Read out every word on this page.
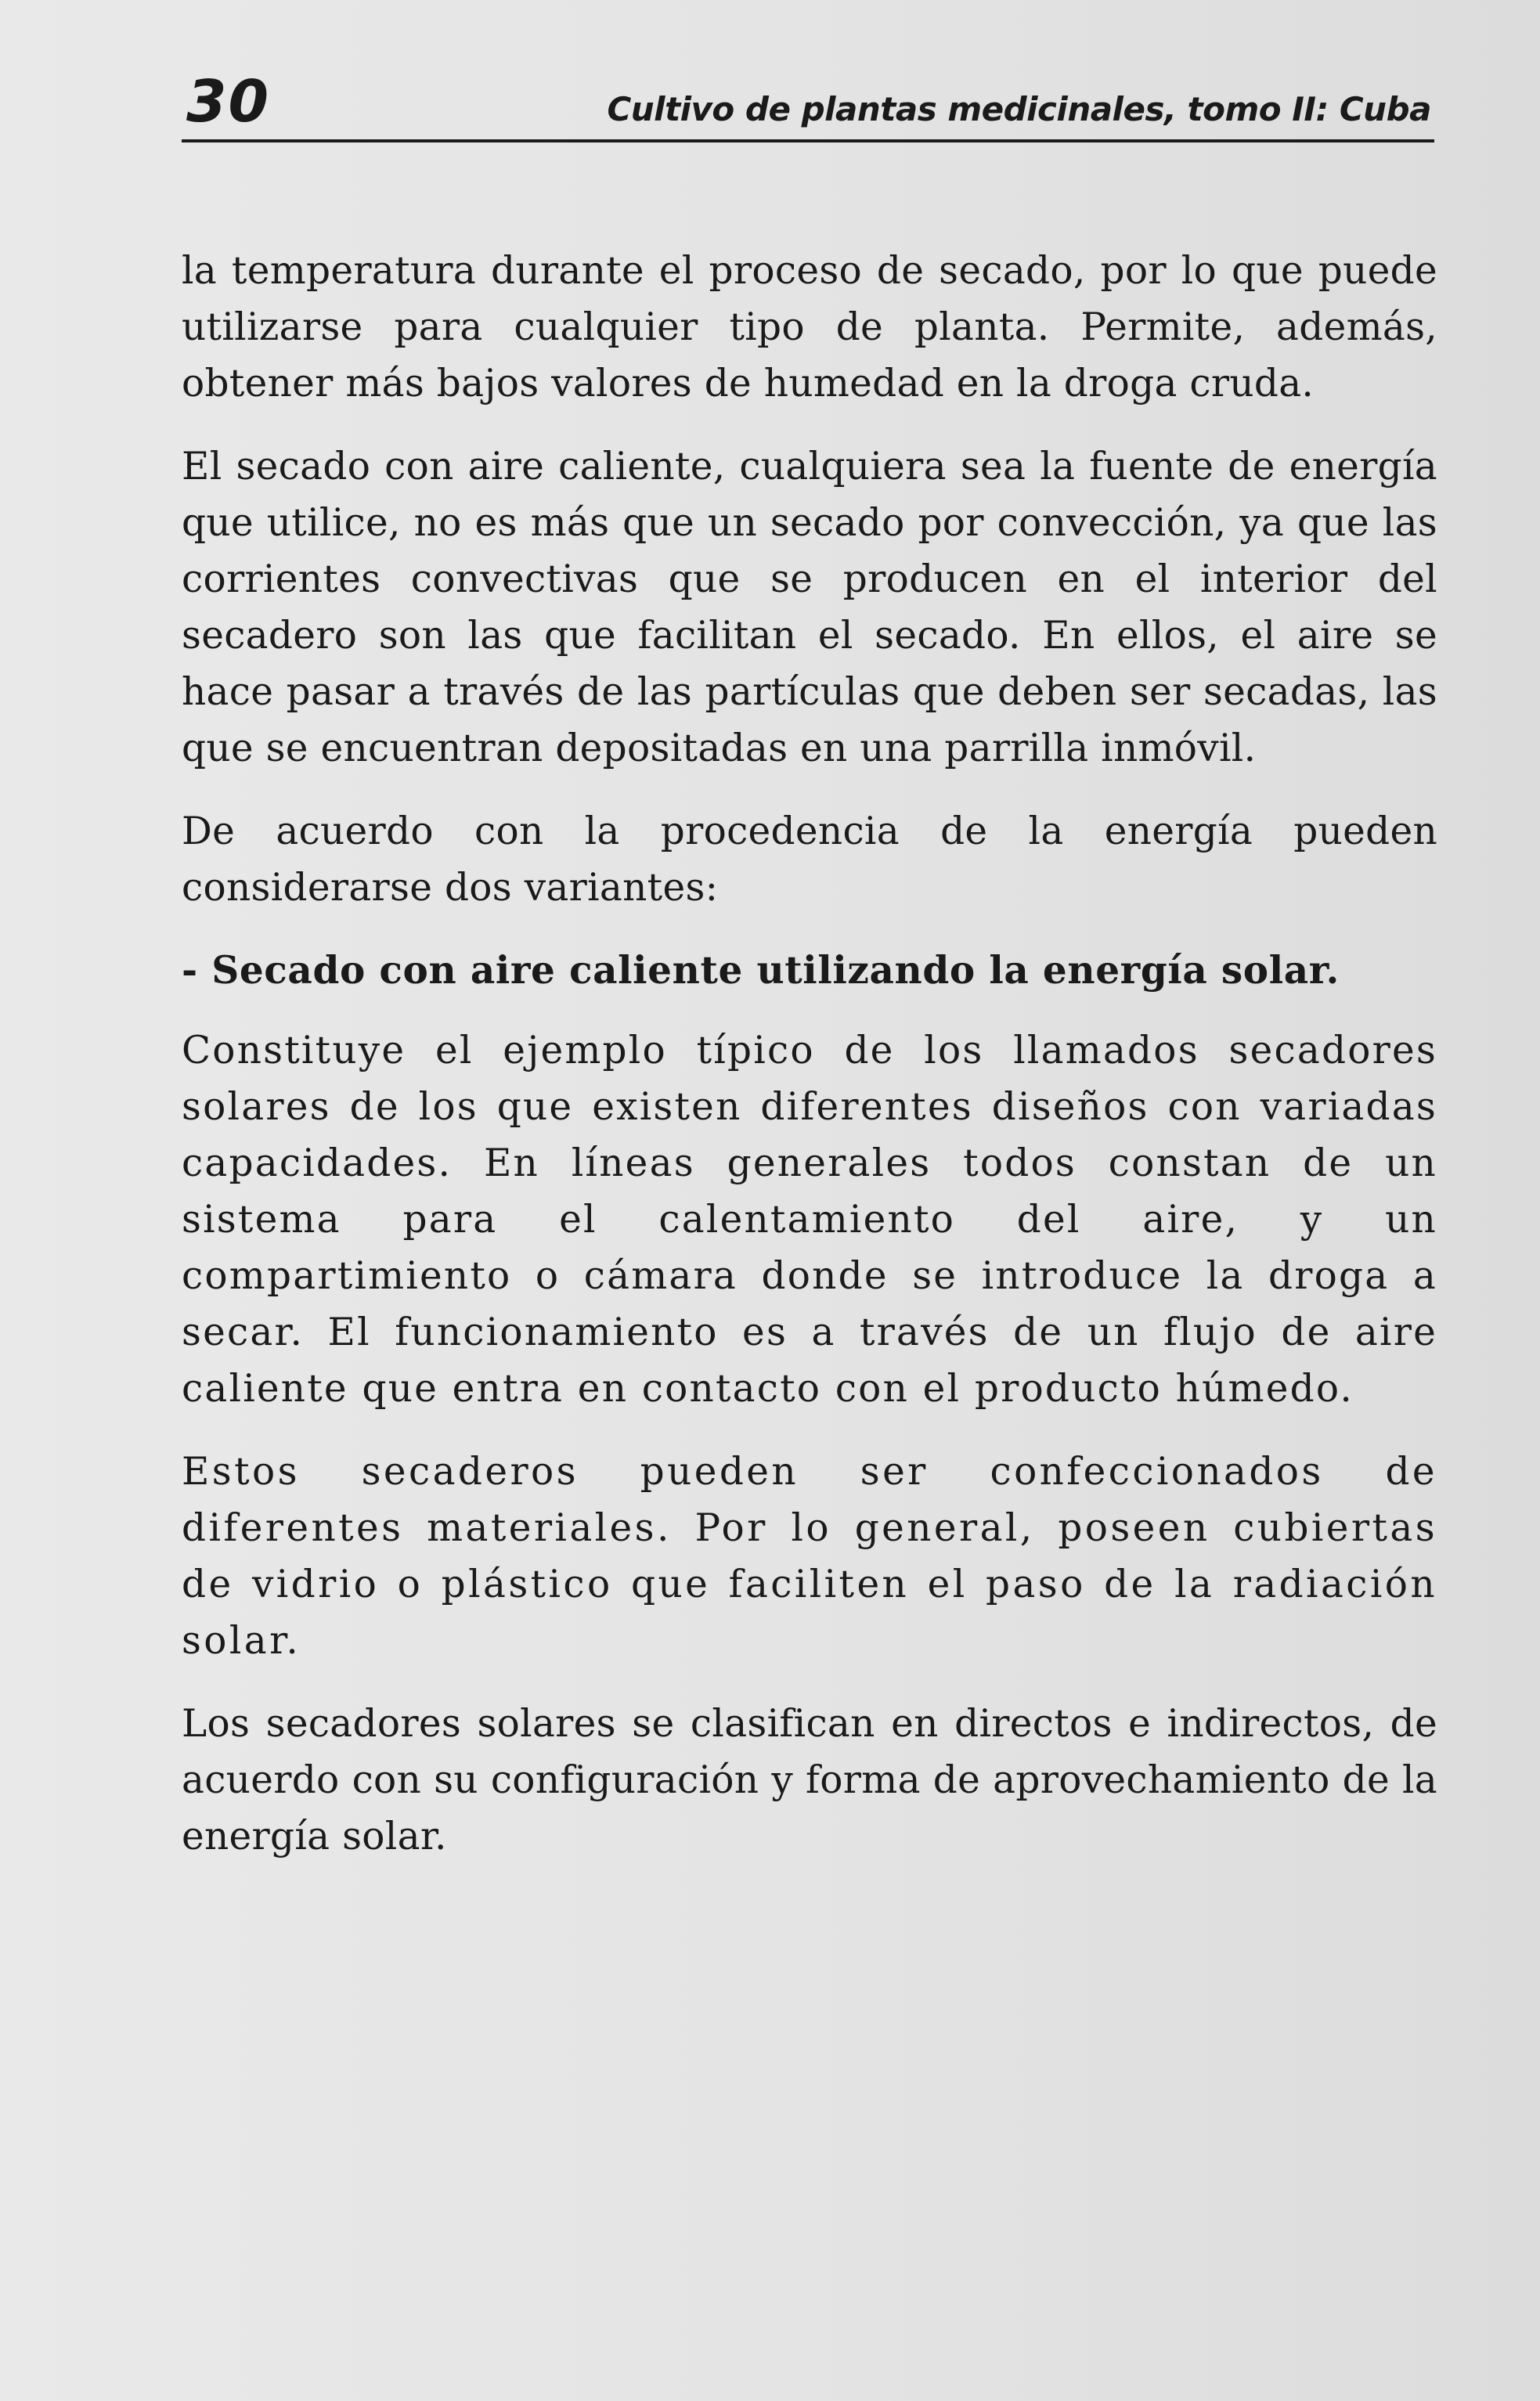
30	Cultivo de plantas medicinales, tomo II: Cuba

la temperatura durante el proceso de secado, por lo que puede utilizarse para cualquier tipo de planta. Permite, además, obtener más bajos valores de humedad en la droga cruda.

El secado con aire caliente, cualquiera sea la fuente de energía que utilice, no es más que un secado por convección, ya que las corrientes convectivas que se producen en el interior del secadero son las que facilitan el secado. En ellos, el aire se hace pasar a través de las partículas que deben ser secadas, las que se encuentran depositadas en una parrilla inmóvil.

De acuerdo con la procedencia de la energía pueden considerarse dos variantes:

- Secado con aire caliente utilizando la energía solar.

Constituye el ejemplo típico de los llamados secadores solares de los que existen diferentes diseños con variadas capacidades. En líneas generales todos constan de un sistema para el calentamiento del aire, y un compartimiento o cámara donde se introduce la droga a secar. El funcionamiento es a través de un flujo de aire caliente que entra en contacto con el producto húmedo.

Estos secaderos pueden ser confeccionados de diferentes materiales. Por lo general, poseen cubiertas de vidrio o plástico que faciliten el paso de la radiación solar.

Los secadores solares se clasifican en directos e indirectos, de acuerdo con su configuración y forma de aprovechamiento de la energía solar.
